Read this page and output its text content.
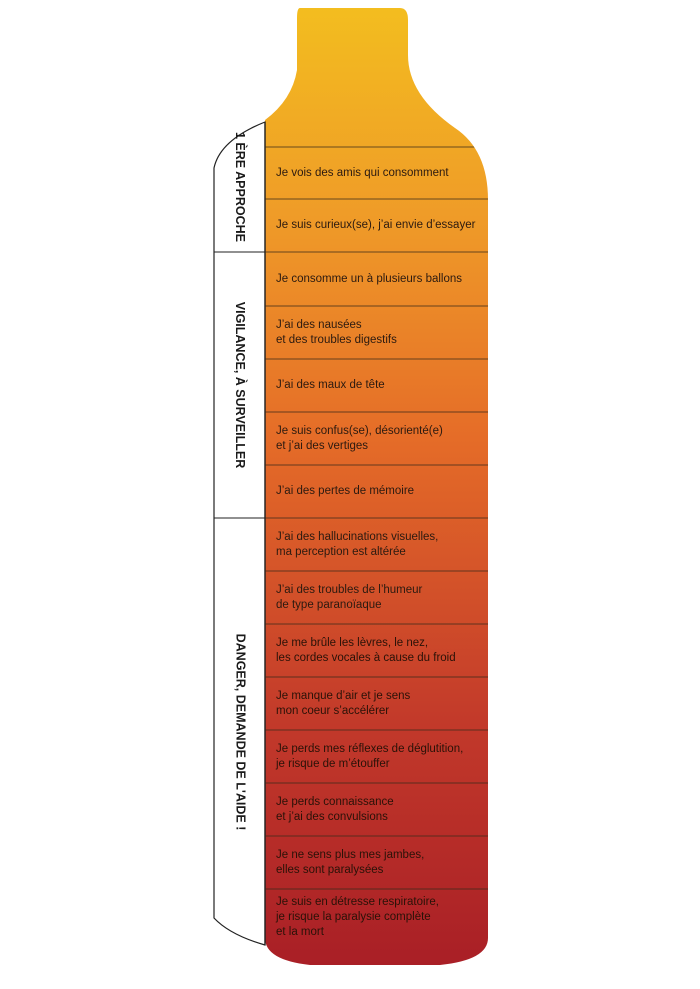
Je vois des amis qui consomment
Je suis curieux(se), j’ai envie d’essayer
Je consomme un à plusieurs ballons
J’ai des nausées
et des troubles digestifs
J’ai des maux de tête
Je suis confus(se), désorienté(e)
et j’ai des vertiges
J’ai des pertes de mémoire
J’ai des hallucinations visuelles,
ma perception est altérée
J’ai des troubles de l’humeur
de type paranoïaque
Je me brûle les lèvres, le nez,
les cordes vocales à cause du froid
Je manque d’air et je sens
mon coeur s’accélérer
Je perds mes réflexes de déglutition,
je risque de m’étouffer
Je perds connaissance
et j’ai des convulsions
Je ne sens plus mes jambes,
elles sont paralysées
Je suis en détresse respiratoire,
je risque la paralysie complète
et la mort
1 ÈRE APPROCHE
VIGILANCE, À SURVEILLER
DANGER, DEMANDE DE L'AIDE !
